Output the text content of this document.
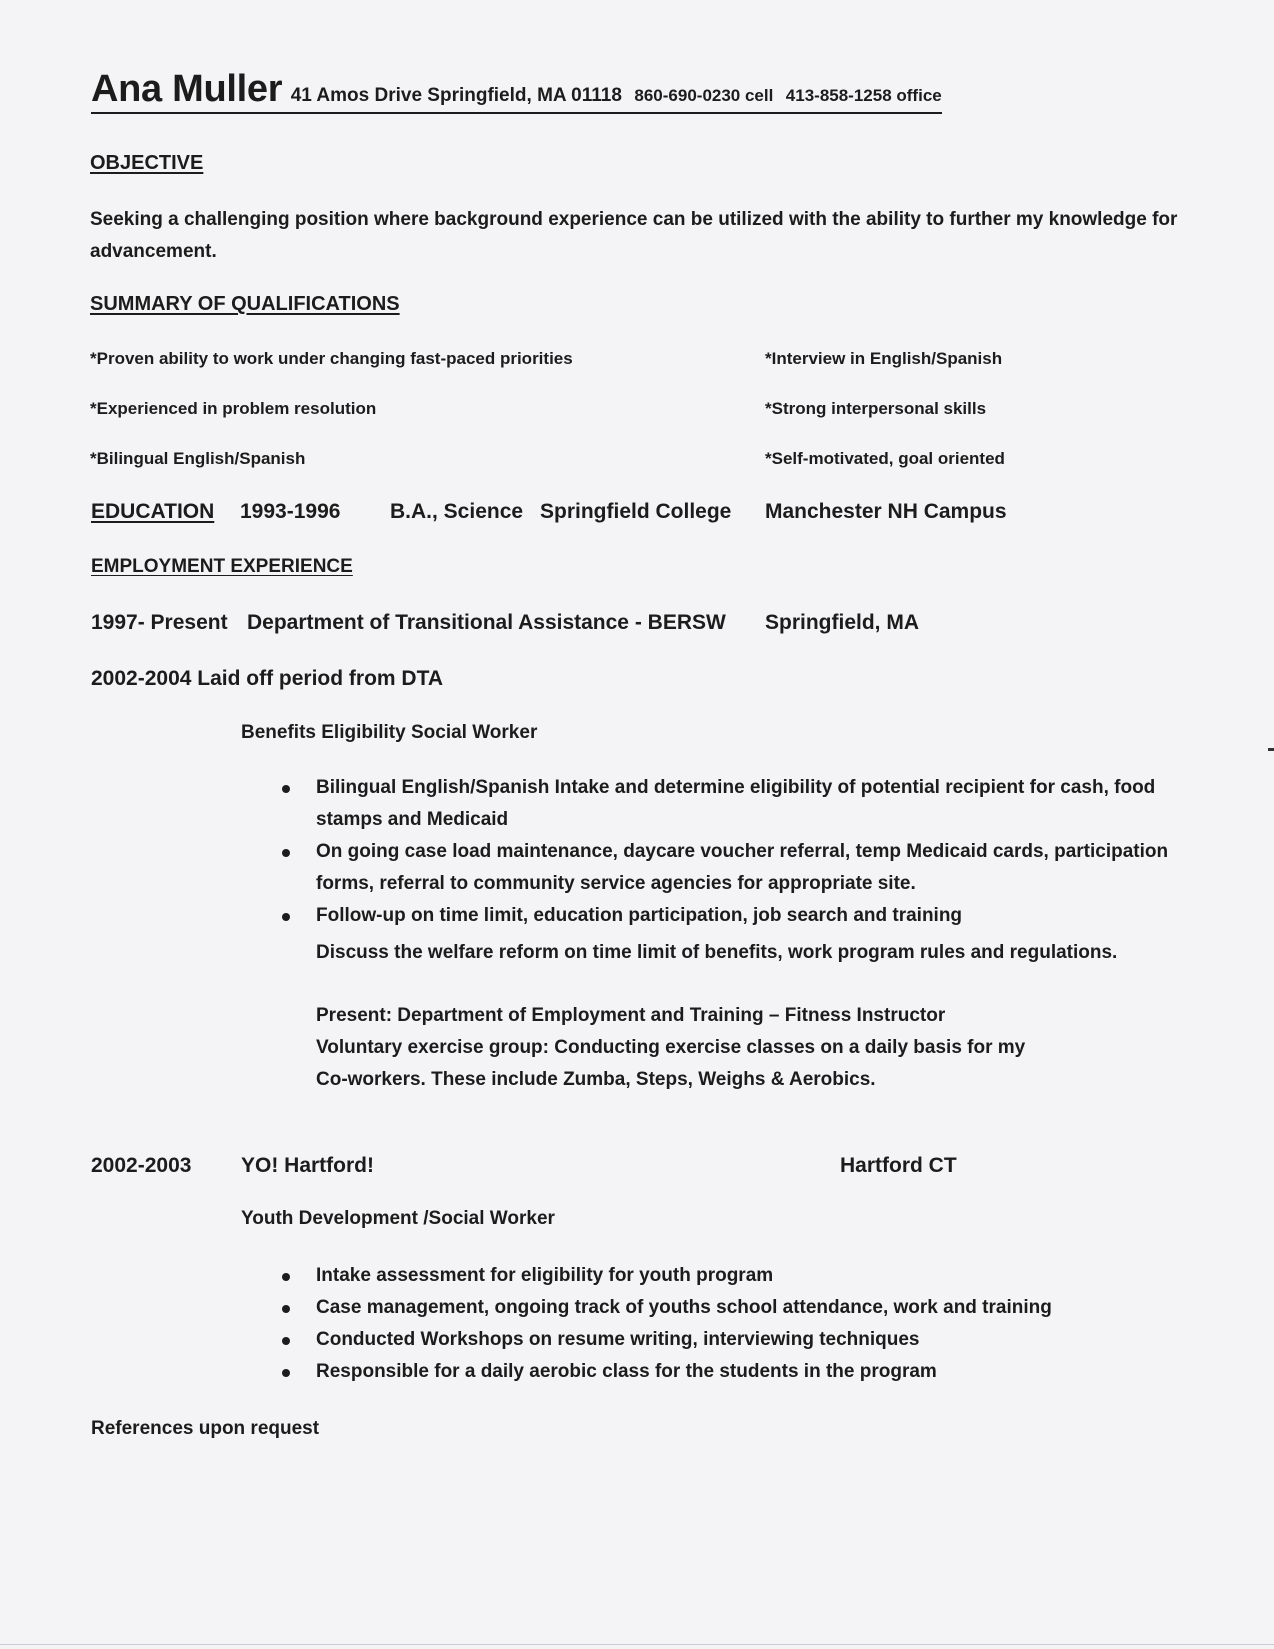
Ana Muller 41 Amos Drive Springfield, MA 01118 860-690-0230 cell 413-858-1258 office
OBJECTIVE
Seeking a challenging position where background experience can be utilized with the ability to further my knowledge for advancement.
SUMMARY OF QUALIFICATIONS
*Proven ability to work under changing fast-paced priorities
*Experienced in problem resolution
*Bilingual English/Spanish
*Interview in English/Spanish
*Strong interpersonal skills
*Self-motivated, goal oriented
EDUCATION 1993-1996 B.A., Science Springfield College Manchester NH Campus
EMPLOYMENT EXPERIENCE
1997- Present Department of Transitional Assistance - BERSW Springfield, MA
2002-2004 Laid off period from DTA
Benefits Eligibility Social Worker
Bilingual English/Spanish Intake and determine eligibility of potential recipient for cash, food stamps and Medicaid
On going case load maintenance, daycare voucher referral, temp Medicaid cards, participation forms, referral to community service agencies for appropriate site.
Follow-up on time limit, education participation, job search and training
Discuss the welfare reform on time limit of benefits, work program rules and regulations.
Present: Department of Employment and Training – Fitness Instructor
Voluntary exercise group: Conducting exercise classes on a daily basis for my
Co-workers. These include Zumba, Steps, Weighs & Aerobics.
2002-2003 YO! Hartford!	Hartford CT
Youth Development /Social Worker
Intake assessment for eligibility for youth program
Case management, ongoing track of youths school attendance, work and training
Conducted Workshops on resume writing, interviewing techniques
Responsible for a daily aerobic class for the students in the program
References upon request
